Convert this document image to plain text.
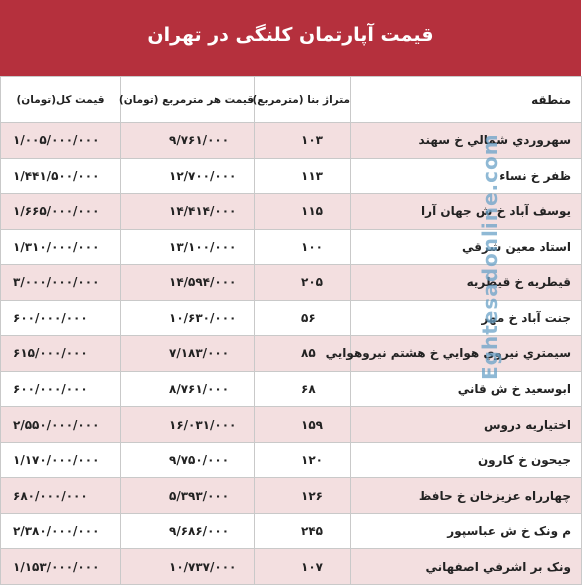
قیمت آپارتمان کلنگی در تهران
منطقه	متراژ بنا (مترمربع)	قیمت هر مترمربع (تومان)	قیمت کل(تومان)
سهروردي شمالي خ سهند	۱۰۳	۹/۷۶۱/۰۰۰	۱/۰۰۵/۰۰۰/۰۰۰
ظفر خ نساء	۱۱۳	۱۲/۷۰۰/۰۰۰	۱/۴۴۱/۵۰۰/۰۰۰
یوسف آباد خ ش جهان آرا	۱۱۵	۱۴/۴۱۴/۰۰۰	۱/۶۶۵/۰۰۰/۰۰۰
استاد معین شرقي	۱۰۰	۱۳/۱۰۰/۰۰۰	۱/۳۱۰/۰۰۰/۰۰۰
قیطریه خ قیطریه	۲۰۵	۱۴/۵۹۴/۰۰۰	۳/۰۰۰/۰۰۰/۰۰۰
جنت آباد خ مهر	۵۶	۱۰/۶۳۰/۰۰۰	۶۰۰/۰۰۰/۰۰۰
سیمتري نیروي هوایي خ هشتم نیروهوایي	۸۵	۷/۱۸۳/۰۰۰	۶۱۵/۰۰۰/۰۰۰
ابوسعید خ ش قاني	۶۸	۸/۷۶۱/۰۰۰	۶۰۰/۰۰۰/۰۰۰
اختیاریه دروس	۱۵۹	۱۶/۰۳۱/۰۰۰	۲/۵۵۰/۰۰۰/۰۰۰
جیحون خ کارون	۱۲۰	۹/۷۵۰/۰۰۰	۱/۱۷۰/۰۰۰/۰۰۰
چهارراه عزیزخان خ حافظ	۱۲۶	۵/۳۹۳/۰۰۰	۶۸۰/۰۰۰/۰۰۰
م ونک خ ش عباسپور	۲۴۵	۹/۶۸۶/۰۰۰	۲/۳۸۰/۰۰۰/۰۰۰
ونک بر اشرفي اصفهاني	۱۰۷	۱۰/۷۳۷/۰۰۰	۱/۱۵۳/۰۰۰/۰۰۰
Eghtesadonline.com
